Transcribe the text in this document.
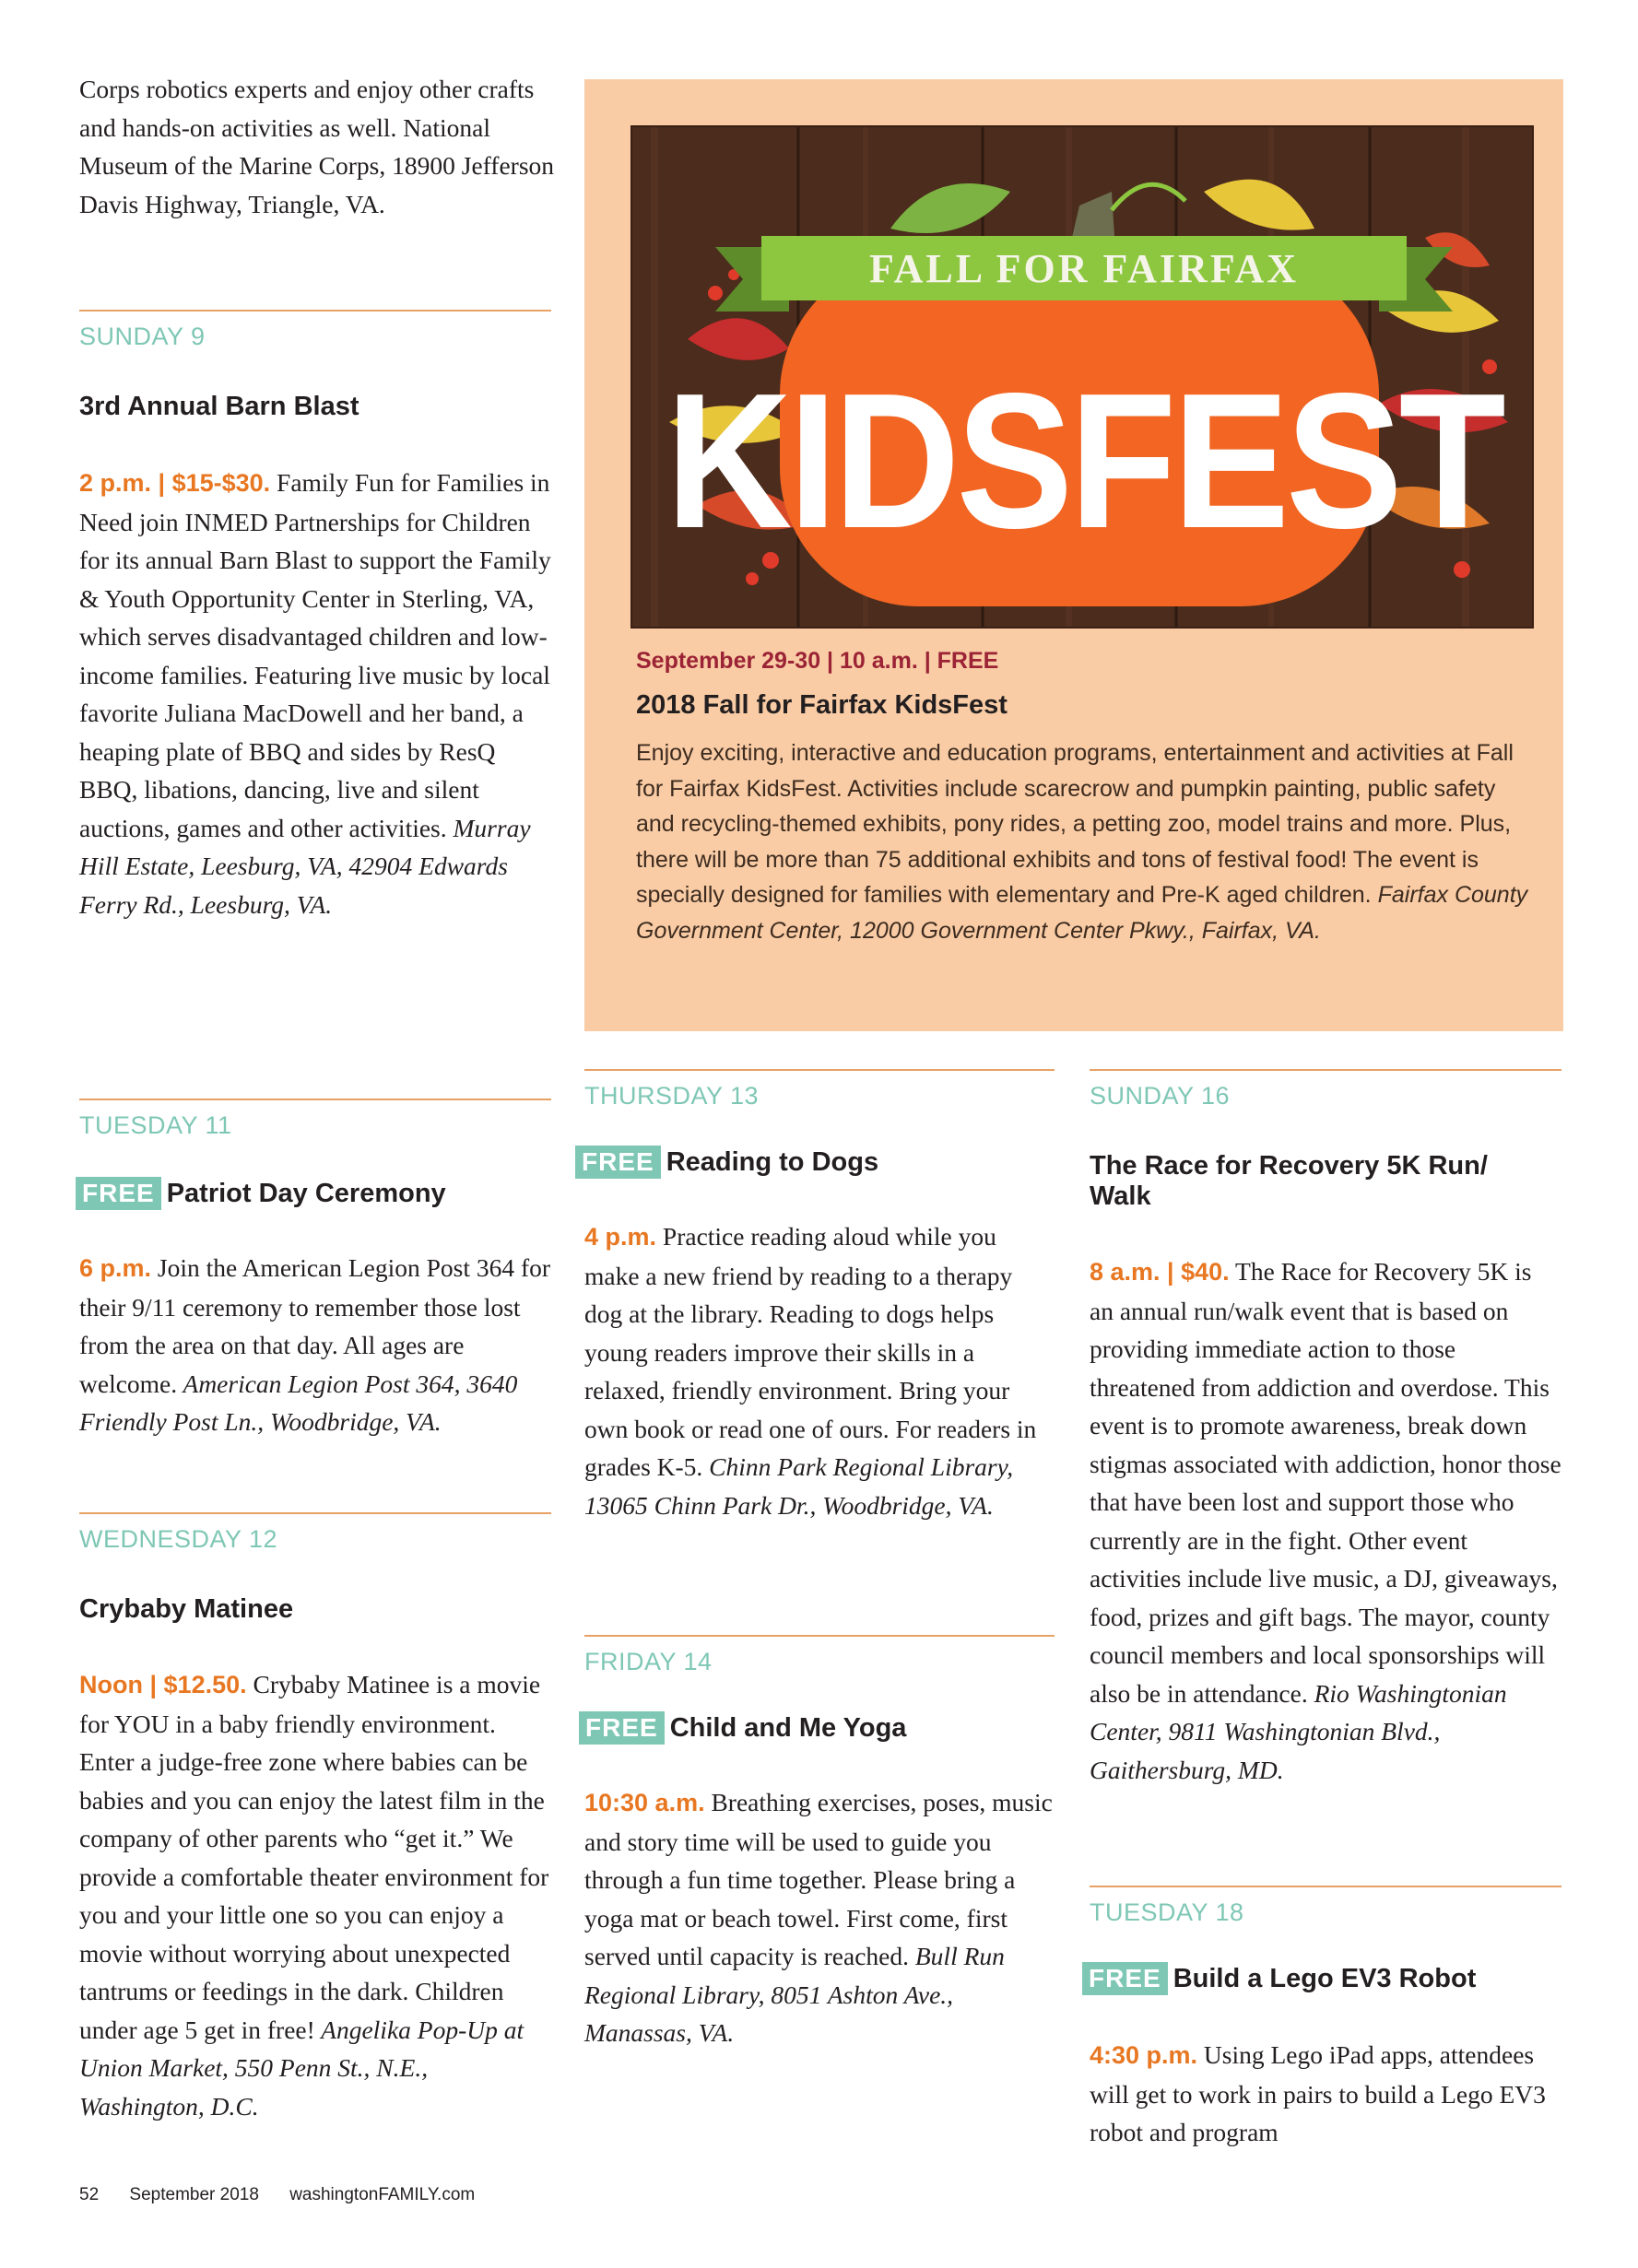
Corps robotics experts and enjoy other crafts and hands-on activities as well. National Museum of the Marine Corps, 18900 Jefferson Davis Highway, Triangle, VA.
SUNDAY 9
3rd Annual Barn Blast
2 p.m. | $15-$30. Family Fun for Families in Need join INMED Partnerships for Children for its annual Barn Blast to support the Family & Youth Opportunity Center in Sterling, VA, which serves disadvantaged children and low-income families. Featuring live music by local favorite Juliana MacDowell and her band, a heaping plate of BBQ and sides by ResQ BBQ, libations, dancing, live and silent auctions, games and other activities. Murray Hill Estate, Leesburg, VA, 42904 Edwards Ferry Rd., Leesburg, VA.
TUESDAY 11
FREE Patriot Day Ceremony
6 p.m. Join the American Legion Post 364 for their 9/11 ceremony to remember those lost from the area on that day. All ages are welcome. American Legion Post 364, 3640 Friendly Post Ln., Woodbridge, VA.
WEDNESDAY 12
Crybaby Matinee
Noon | $12.50. Crybaby Matinee is a movie for YOU in a baby friendly environment. Enter a judge-free zone where babies can be babies and you can enjoy the latest film in the company of other parents who “get it.” We provide a comfortable theater environment for you and your little one so you can enjoy a movie without worrying about unexpected tantrums or feedings in the dark. Children under age 5 get in free! Angelika Pop-Up at Union Market, 550 Penn St., N.E., Washington, D.C.
FALL FOR FAIRFAX
KIDSFEST
September 29-30 | 10 a.m. | FREE
2018 Fall for Fairfax KidsFest
Enjoy exciting, interactive and education programs, entertainment and activities at Fall for Fairfax KidsFest. Activities include scarecrow and pumpkin painting, public safety and recycling-themed exhibits, pony rides, a petting zoo, model trains and more. Plus, there will be more than 75 additional exhibits and tons of festival food! The event is specially designed for families with elementary and Pre-K aged children. Fairfax County Government Center, 12000 Government Center Pkwy., Fairfax, VA.
THURSDAY 13
FREE Reading to Dogs
4 p.m. Practice reading aloud while you make a new friend by reading to a therapy dog at the library. Reading to dogs helps young readers improve their skills in a relaxed, friendly environment. Bring your own book or read one of ours. For readers in grades K-5. Chinn Park Regional Library, 13065 Chinn Park Dr., Woodbridge, VA.
FRIDAY 14
FREE Child and Me Yoga
10:30 a.m. Breathing exercises, poses, music and story time will be used to guide you through a fun time together. Please bring a yoga mat or beach towel. First come, first served until capacity is reached. Bull Run Regional Library, 8051 Ashton Ave., Manassas, VA.
SUNDAY 16
The Race for Recovery 5K Run/ Walk
8 a.m. | $40. The Race for Recovery 5K is an annual run/walk event that is based on providing immediate action to those threatened from addiction and overdose. This event is to promote awareness, break down stigmas associated with addiction, honor those that have been lost and support those who currently are in the fight. Other event activities include live music, a DJ, giveaways, food, prizes and gift bags. The mayor, county council members and local sponsorships will also be in attendance. Rio Washingtonian Center, 9811 Washingtonian Blvd., Gaithersburg, MD.
TUESDAY 18
FREE Build a Lego EV3 Robot
4:30 p.m. Using Lego iPad apps, attendees will get to work in pairs to build a Lego EV3 robot and program
52 September 2018 washingtonFAMILY.com
